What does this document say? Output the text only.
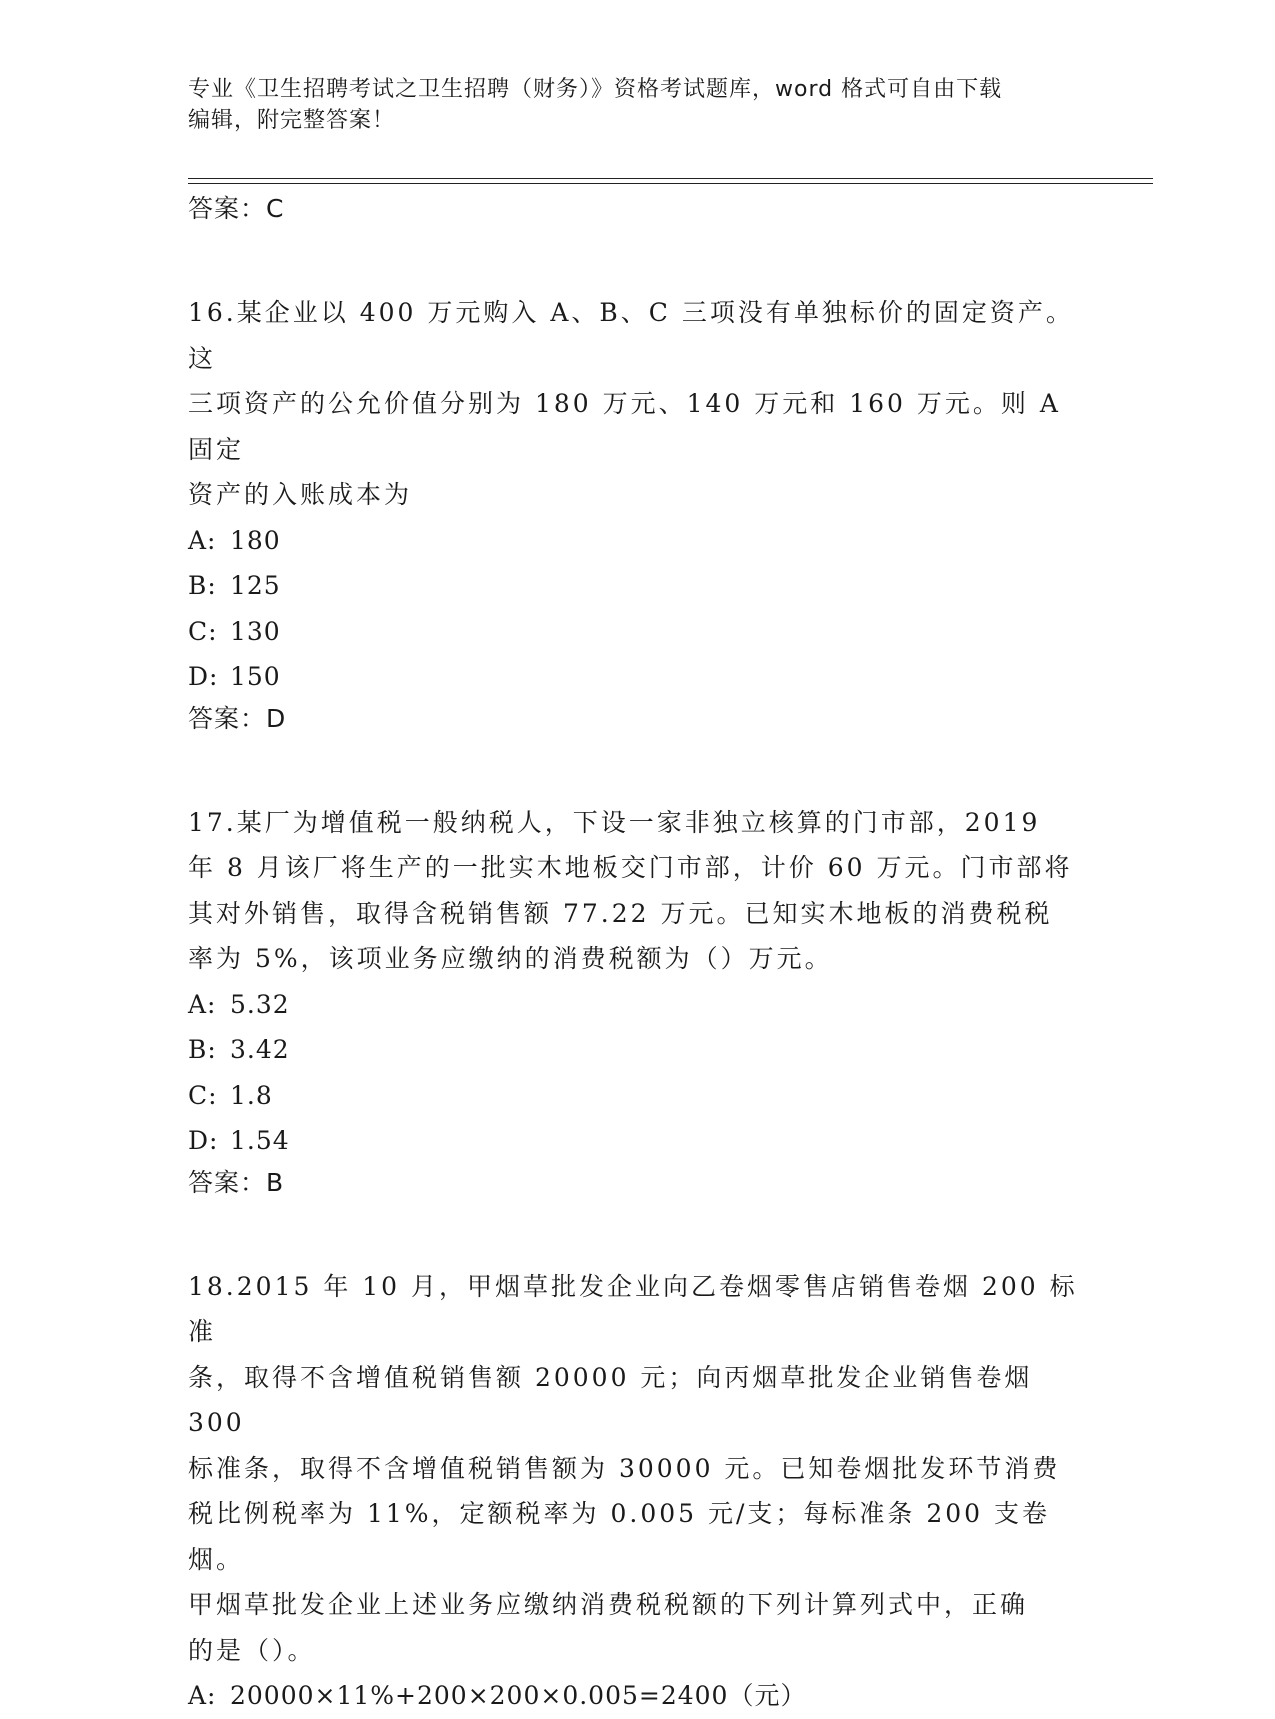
专业《卫生招聘考试之卫生招聘（财务）》资格考试题库，word 格式可自由下载
编辑，附完整答案！
答案：C
16.某企业以 400 万元购入 A、B、C 三项没有单独标价的固定资产。这
三项资产的公允价值分别为 180 万元、140 万元和 160 万元。则 A 固定
资产的入账成本为
A: 180
B: 125
C: 130
D: 150
答案：D
17.某厂为增值税一般纳税人，下设一家非独立核算的门市部，2019
年 8 月该厂将生产的一批实木地板交门市部，计价 60 万元。门市部将
其对外销售，取得含税销售额 77.22 万元。已知实木地板的消费税税
率为 5%，该项业务应缴纳的消费税额为（）万元。
A: 5.32
B: 3.42
C: 1.8
D: 1.54
答案：B
18.2015 年 10 月，甲烟草批发企业向乙卷烟零售店销售卷烟 200 标准
条，取得不含增值税销售额 20000 元；向丙烟草批发企业销售卷烟 300
标准条，取得不含增值税销售额为 30000 元。已知卷烟批发环节消费
税比例税率为 11%，定额税率为 0.005 元/支；每标准条 200 支卷烟。
甲烟草批发企业上述业务应缴纳消费税税额的下列计算列式中，正确
的是（）。
A: 20000×11%+200×200×0.005=2400（元）
